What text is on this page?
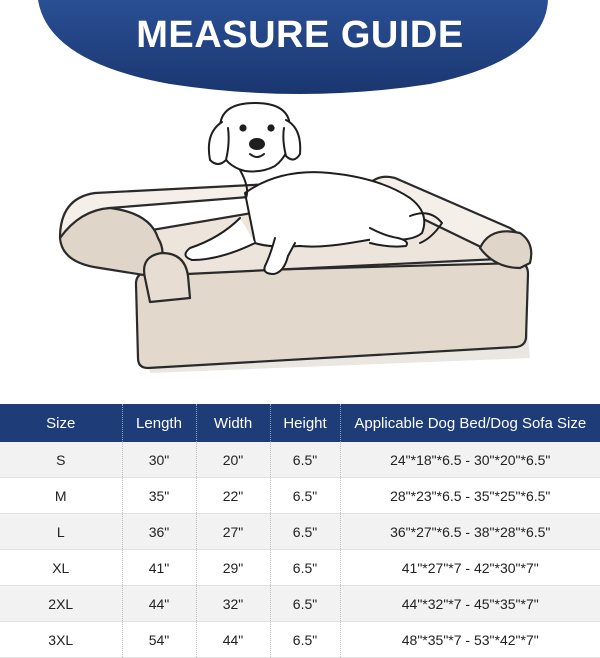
MEASURE GUIDE
Size	Length	Width	Height	Applicable Dog Bed/Dog Sofa Size
S	30"	20"	6.5"	24"*18"*6.5 - 30"*20"*6.5"
M	35"	22"	6.5"	28"*23"*6.5 - 35"*25"*6.5"
L	36"	27"	6.5"	36"*27"*6.5 - 38"*28"*6.5"
XL	41"	29"	6.5"	41"*27"*7 - 42"*30"*7"
2XL	44"	32"	6.5"	44"*32"*7 - 45"*35"*7"
3XL	54"	44"	6.5"	48"*35"*7 - 53"*42"*7"
